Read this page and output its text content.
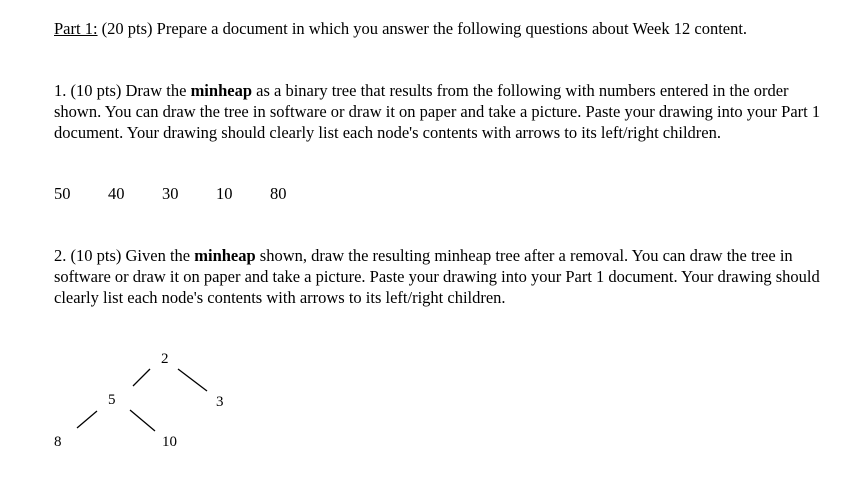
Part 1: (20 pts) Prepare a document in which you answer the following questions about Week 12 content.

1. (10 pts) Draw the minheap as a binary tree that results from the following with numbers entered in the order shown. You can draw the tree in software or draw it on paper and take a picture. Paste your drawing into your Part 1 document. Your drawing should clearly list each node's contents with arrows to its left/right children.

50 40 30 10 80

2. (10 pts) Given the minheap shown, draw the resulting minheap tree after a removal. You can draw the tree in software or draw it on paper and take a picture. Paste your drawing into your Part 1 document. Your drawing should clearly list each node's contents with arrows to its left/right children.

2
5	3
8	10
